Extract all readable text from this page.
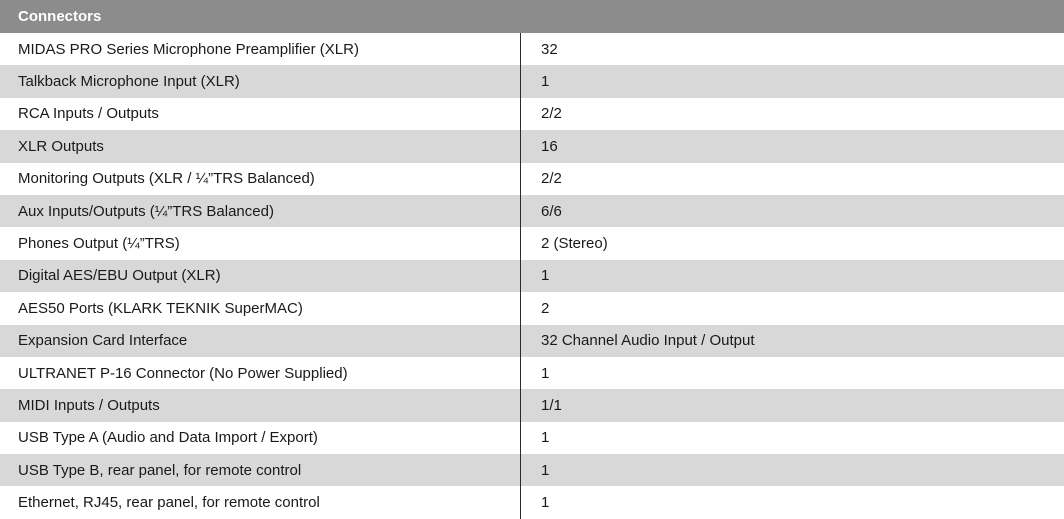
Connectors
MIDAS PRO Series Microphone Preamplifier (XLR)	32
Talkback Microphone Input (XLR)	1
RCA Inputs / Outputs	2/2
XLR Outputs	16
Monitoring Outputs (XLR / ¼”TRS Balanced)	2/2
Aux Inputs/Outputs (¼”TRS Balanced)	6/6
Phones Output (¼”TRS)	2 (Stereo)
Digital AES/EBU Output (XLR)	1
AES50 Ports (KLARK TEKNIK SuperMAC)	2
Expansion Card Interface	32 Channel Audio Input / Output
ULTRANET P-16 Connector (No Power Supplied)	1
MIDI Inputs / Outputs	1/1
USB Type A (Audio and Data Import / Export)	1
USB Type B, rear panel, for remote control	1
Ethernet, RJ45, rear panel, for remote control	1
